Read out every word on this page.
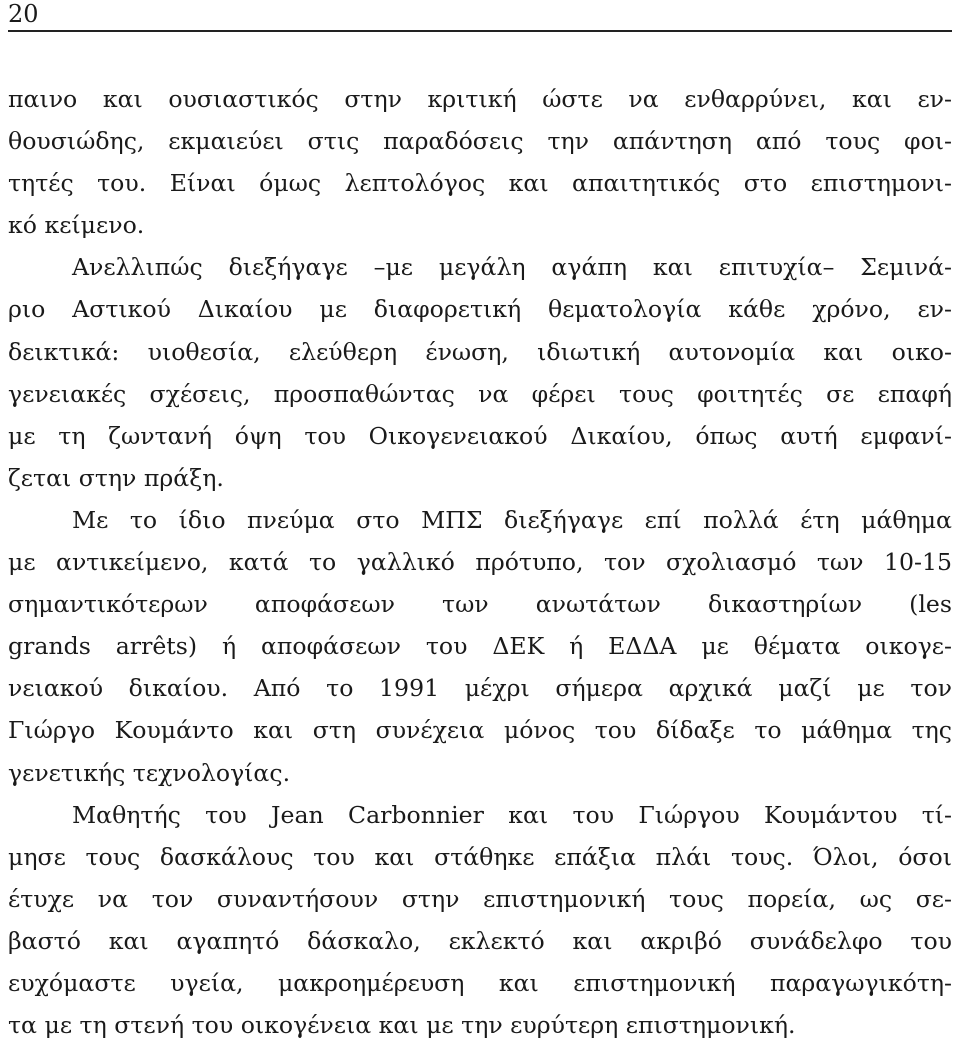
20
παινο και ουσιαστικός στην κριτική ώστε να ενθαρρύνει, και εν-
θουσιώδης, εκμαιεύει στις παραδόσεις την απάντηση από τους φοι-
τητές του. Είναι όμως λεπτολόγος και απαιτητικός στο επιστημονι-
κό κείμενο.
Ανελλιπώς διεξήγαγε –με μεγάλη αγάπη και επιτυχία– Σεμινά-
ριο Αστικού Δικαίου με διαφορετική θεματολογία κάθε χρόνο, εν-
δεικτικά: υιοθεσία, ελεύθερη ένωση, ιδιωτική αυτονομία και οικο-
γενειακές σχέσεις, προσπαθώντας να φέρει τους φοιτητές σε επαφή
με τη ζωντανή όψη του Οικογενειακού Δικαίου, όπως αυτή εμφανί-
ζεται στην πράξη.
Με το ίδιο πνεύμα στο ΜΠΣ διεξήγαγε επί πολλά έτη μάθημα
με αντικείμενο, κατά το γαλλικό πρότυπο, τον σχολιασμό των 10-15
σημαντικότερων αποφάσεων των ανωτάτων δικαστηρίων (les
grands arrêts) ή αποφάσεων του ΔΕΚ ή ΕΔΔΑ με θέματα οικογε-
νειακού δικαίου. Από το 1991 μέχρι σήμερα αρχικά μαζί με τον
Γιώργο Κουμάντο και στη συνέχεια μόνος του δίδαξε το μάθημα της
γενετικής τεχνολογίας.
Μαθητής του Jean Carbonnier και του Γιώργου Κουμάντου τί-
μησε τους δασκάλους του και στάθηκε επάξια πλάι τους. Όλοι, όσοι
έτυχε να τον συναντήσουν στην επιστημονική τους πορεία, ως σε-
βαστό και αγαπητό δάσκαλο, εκλεκτό και ακριβό συνάδελφο του
ευχόμαστε υγεία, μακροημέρευση και επιστημονική παραγωγικότη-
τα με τη στενή του οικογένεια και με την ευρύτερη επιστημονική.
